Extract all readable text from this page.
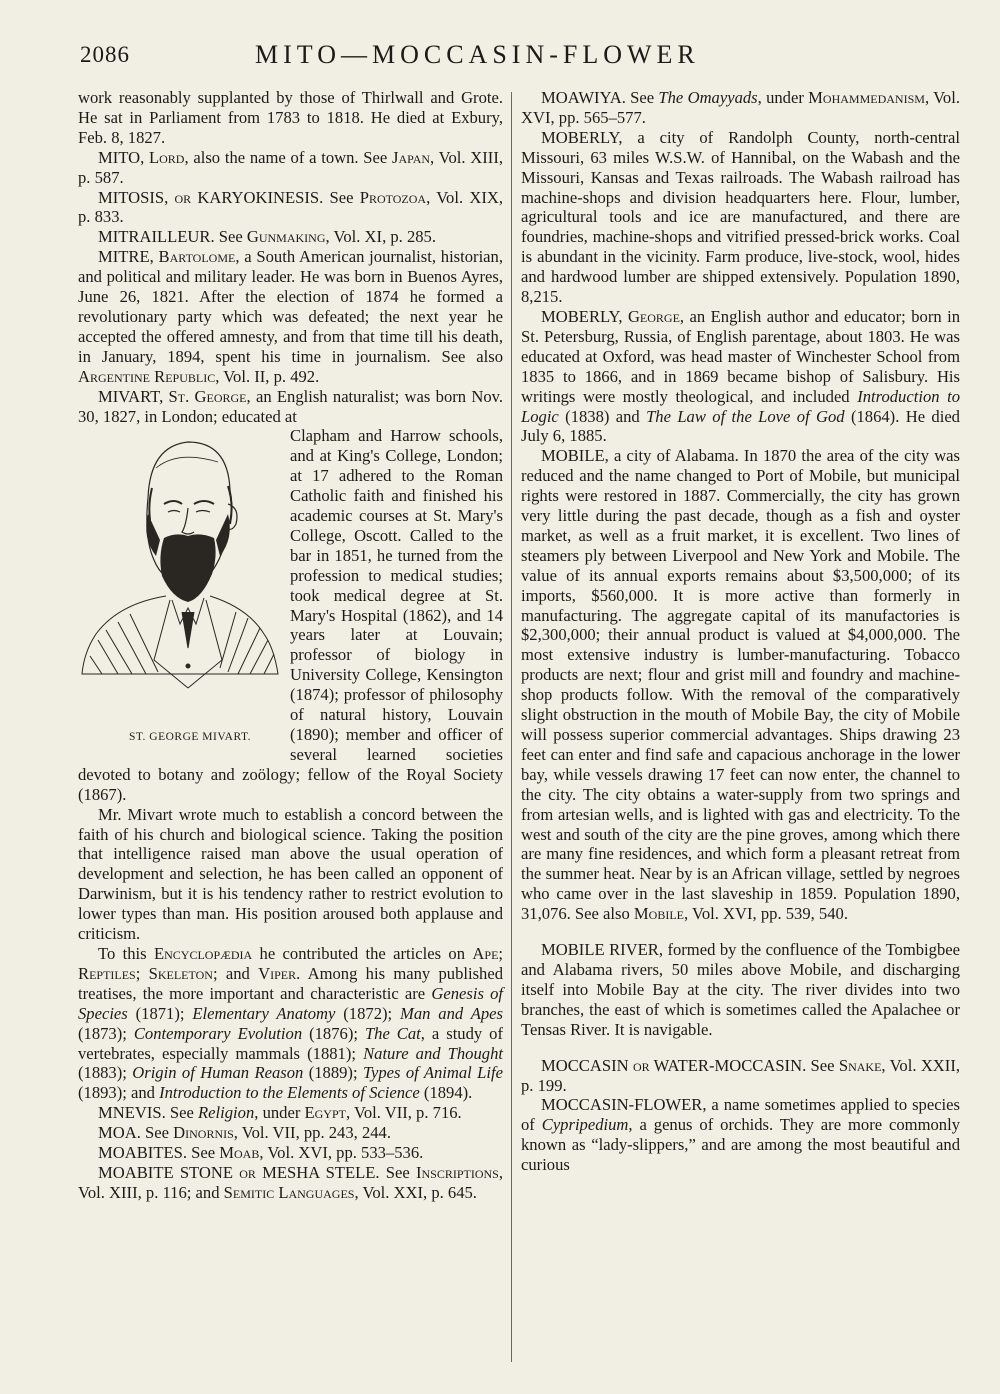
2086	MITO—MOCCASIN-FLOWER

work reasonably supplanted by those of Thirlwall and Grote. He sat in Parliament from 1783 to 1818. He died at Exbury, Feb. 8, 1827.

MITO, Lord, also the name of a town. See Japan, Vol. XIII, p. 587.

MITOSIS, or KARYOKINESIS. See Protozoa, Vol. XIX, p. 833.

MITRAILLEUR. See Gunmaking, Vol. XI, p. 285.

MITRE, Bartolome, a South American journalist, historian, and political and military leader. He was born in Buenos Ayres, June 26, 1821. After the election of 1874 he formed a revolutionary party which was defeated; the next year he accepted the offered amnesty, and from that time till his death, in January, 1894, spent his time in journalism. See also Argentine Republic, Vol. II, p. 492.

MIVART, St. George, an English naturalist; was born Nov. 30, 1827, in London; educated at

ST. GEORGE MIVART.
Clapham and Harrow schools, and at King's College, London; at 17 adhered to the Roman Catholic faith and finished his academic courses at St. Mary's College, Oscott. Called to the bar in 1851, he turned from the profession to medical studies; took medical degree at St. Mary's Hospital (1862), and 14 years later at Louvain; professor of biology in University College, Kensington (1874); professor of philosophy of natural history, Louvain (1890); member and officer of several learned societies devoted to botany and zoölogy; fellow of the Royal Society (1867).

Mr. Mivart wrote much to establish a concord between the faith of his church and biological science. Taking the position that intelligence raised man above the usual operation of development and selection, he has been called an opponent of Darwinism, but it is his tendency rather to restrict evolution to lower types than man. His position aroused both applause and criticism.

To this Encyclopædia he contributed the articles on Ape; Reptiles; Skeleton; and Viper. Among his many published treatises, the more important and characteristic are Genesis of Species (1871); Elementary Anatomy (1872); Man and Apes (1873); Contemporary Evolution (1876); The Cat, a study of vertebrates, especially mammals (1881); Nature and Thought (1883); Origin of Human Reason (1889); Types of Animal Life (1893); and Introduction to the Elements of Science (1894).

MNEVIS. See Religion, under Egypt, Vol. VII, p. 716.

MOA. See Dinornis, Vol. VII, pp. 243, 244.

MOABITES. See Moab, Vol. XVI, pp. 533–536.

MOABITE STONE or MESHA STELE. See Inscriptions, Vol. XIII, p. 116; and Semitic Languages, Vol. XXI, p. 645.

MOAWIYA. See The Omayyads, under Mohammedanism, Vol. XVI, pp. 565–577.

MOBERLY, a city of Randolph County, north-central Missouri, 63 miles W.S.W. of Hannibal, on the Wabash and the Missouri, Kansas and Texas railroads. The Wabash railroad has machine-shops and division headquarters here. Flour, lumber, agricultural tools and ice are manufactured, and there are foundries, machine-shops and vitrified pressed-brick works. Coal is abundant in the vicinity. Farm produce, live-stock, wool, hides and hardwood lumber are shipped extensively. Population 1890, 8,215.

MOBERLY, George, an English author and educator; born in St. Petersburg, Russia, of English parentage, about 1803. He was educated at Oxford, was head master of Winchester School from 1835 to 1866, and in 1869 became bishop of Salisbury. His writings were mostly theological, and included Introduction to Logic (1838) and The Law of the Love of God (1864). He died July 6, 1885.

MOBILE, a city of Alabama. In 1870 the area of the city was reduced and the name changed to Port of Mobile, but municipal rights were restored in 1887. Commercially, the city has grown very little during the past decade, though as a fish and oyster market, as well as a fruit market, it is excellent. Two lines of steamers ply between Liverpool and New York and Mobile. The value of its annual exports remains about $3,500,000; of its imports, $560,000. It is more active than formerly in manufacturing. The aggregate capital of its manufactories is $2,300,000; their annual product is valued at $4,000,000. The most extensive industry is lumber-manufacturing. Tobacco products are next; flour and grist mill and foundry and machine-shop products follow. With the removal of the comparatively slight obstruction in the mouth of Mobile Bay, the city of Mobile will possess superior commercial advantages. Ships drawing 23 feet can enter and find safe and capacious anchorage in the lower bay, while vessels drawing 17 feet can now enter, the channel to the city. The city obtains a water-supply from two springs and from artesian wells, and is lighted with gas and electricity. To the west and south of the city are the pine groves, among which there are many fine residences, and which form a pleasant retreat from the summer heat. Near by is an African village, settled by negroes who came over in the last slaveship in 1859. Population 1890, 31,076. See also Mobile, Vol. XVI, pp. 539, 540.

MOBILE RIVER, formed by the confluence of the Tombigbee and Alabama rivers, 50 miles above Mobile, and discharging itself into Mobile Bay at the city. The river divides into two branches, the east of which is sometimes called the Apalachee or Tensas River. It is navigable.

MOCCASIN or WATER-MOCCASIN. See Snake, Vol. XXII, p. 199.

MOCCASIN-FLOWER, a name sometimes applied to species of Cypripedium, a genus of orchids. They are more commonly known as “lady-slippers,” and are among the most beautiful and curious
